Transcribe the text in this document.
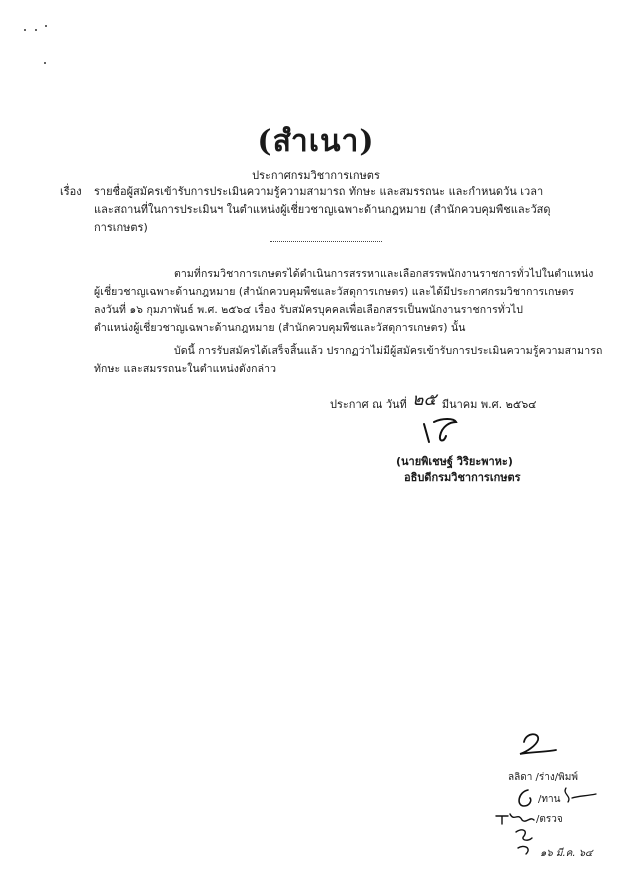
(สำเนา)
ประกาศกรมวิชาการเกษตร
เรื่อง รายชื่อผู้สมัครเข้ารับการประเมินความรู้ความสามารถ ทักษะ และสมรรถนะ และกำหนดวัน เวลา
และสถานที่ในการประเมินฯ ในตำแหน่งผู้เชี่ยวชาญเฉพาะด้านกฎหมาย (สำนักควบคุมพืชและวัสดุ
การเกษตร)
ตามที่กรมวิชาการเกษตรได้ดำเนินการสรรหาและเลือกสรรพนักงานราชการทั่วไปในตำแหน่ง
ผู้เชี่ยวชาญเฉพาะด้านกฎหมาย (สำนักควบคุมพืชและวัสดุการเกษตร) และได้มีประกาศกรมวิชาการเกษตร
ลงวันที่ ๑๖ กุมภาพันธ์ พ.ศ. ๒๕๖๔ เรื่อง รับสมัครบุคคลเพื่อเลือกสรรเป็นพนักงานราชการทั่วไป
ตำแหน่งผู้เชี่ยวชาญเฉพาะด้านกฎหมาย (สำนักควบคุมพืชและวัสดุการเกษตร) นั้น
บัดนี้ การรับสมัครได้เสร็จสิ้นแล้ว ปรากฏว่าไม่มีผู้สมัครเข้ารับการประเมินความรู้ความสามารถ
ทักษะ และสมรรถนะในตำแหน่งดังกล่าว
ประกาศ ณ วันที่ ๒๕ มีนาคม พ.ศ. ๒๕๖๔
(นายพิเชษฐ์ วิริยะพาหะ)
อธิบดีกรมวิชาการเกษตร
ลลิดา /ร่าง/พิมพ์
/ทาน
/ตรวจ
๑๖ มี.ค. ๖๔
